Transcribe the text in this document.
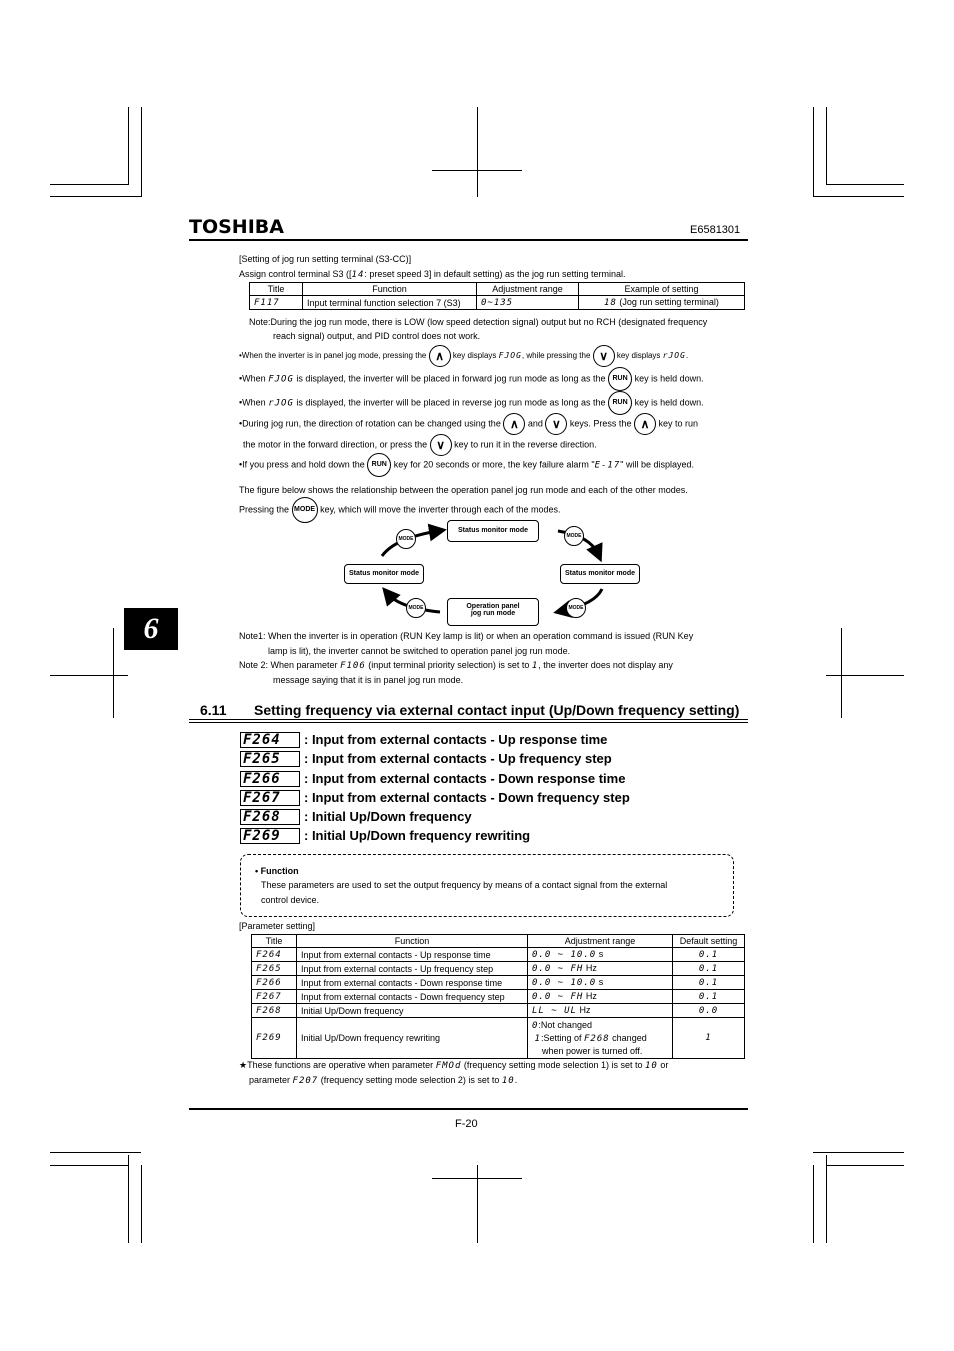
TOSHIBA	E6581301
6
[Setting of jog run setting terminal (S3-CC)]
Assign control terminal S3 ([14: preset speed 3] in default setting) as the jog run setting terminal.
Title	Function	Adjustment range	Example of setting
F117	Input terminal function selection 7 (S3)	0~135	18 (Jog run setting terminal)
Note:During the jog run mode, there is LOW (low speed detection signal) output but no RCH (designated frequency
reach signal) output, and PID control does not work.
•When the inverter is in panel jog mode, pressing the ∧ key displays FJOG, while pressing the ∨ key displays rJOG.
•When FJOG is displayed, the inverter will be placed in forward jog run mode as long as the RUN key is held down.
•When rJOG is displayed, the inverter will be placed in reverse jog run mode as long as the RUN key is held down.
•During jog run, the direction of rotation can be changed using the ∧ and ∨ keys. Press the ∧ key to run
the motor in the forward direction, or press the ∨ key to run it in the reverse direction.
•If you press and hold down the RUN key for 20 seconds or more, the key failure alarm "E-17" will be displayed.
The figure below shows the relationship between the operation panel jog run mode and each of the other modes.
Pressing the MODE key, which will move the inverter through each of the modes.
Status monitor mode
Status monitor mode	Status monitor mode
Operation panel
jog run mode
MODE	MODE
MODE
MODE
Note1: When the inverter is in operation (RUN Key lamp is lit) or when an operation command is issued (RUN Key
lamp is lit), the inverter cannot be switched to operation panel jog run mode.
Note 2: When parameter F106 (input terminal priority selection) is set to 1, the inverter does not display any
message saying that it is in panel jog run mode.
6.11 Setting frequency via external contact input (Up/Down frequency setting)
F264 : Input from external contacts - Up response time
F265 : Input from external contacts - Up frequency step
F266 : Input from external contacts - Down response time
F267 : Input from external contacts - Down frequency step
F268 : Initial Up/Down frequency
F269 : Initial Up/Down frequency rewriting
• Function
These parameters are used to set the output frequency by means of a contact signal from the external
control device.
[Parameter setting]
Title	Function	Adjustment range	Default setting
F264	Input from external contacts - Up response time	0.0 ~ 10.0 s	0.1
F265	Input from external contacts - Up frequency step	0.0 ~ FH Hz	0.1
F266	Input from external contacts - Down response time	0.0 ~ 10.0 s	0.1
F267	Input from external contacts - Down frequency step	0.0 ~ FH Hz	0.1
F268	Initial Up/Down frequency	LL ~ UL Hz	0.0
F269	Initial Up/Down frequency rewriting	0:Not changed
1:Setting of F268 changed
when power is turned off.	1
★These functions are operative when parameter FMOd (frequency setting mode selection 1) is set to 10 or
parameter F207 (frequency setting mode selection 2) is set to 10.
F-20
